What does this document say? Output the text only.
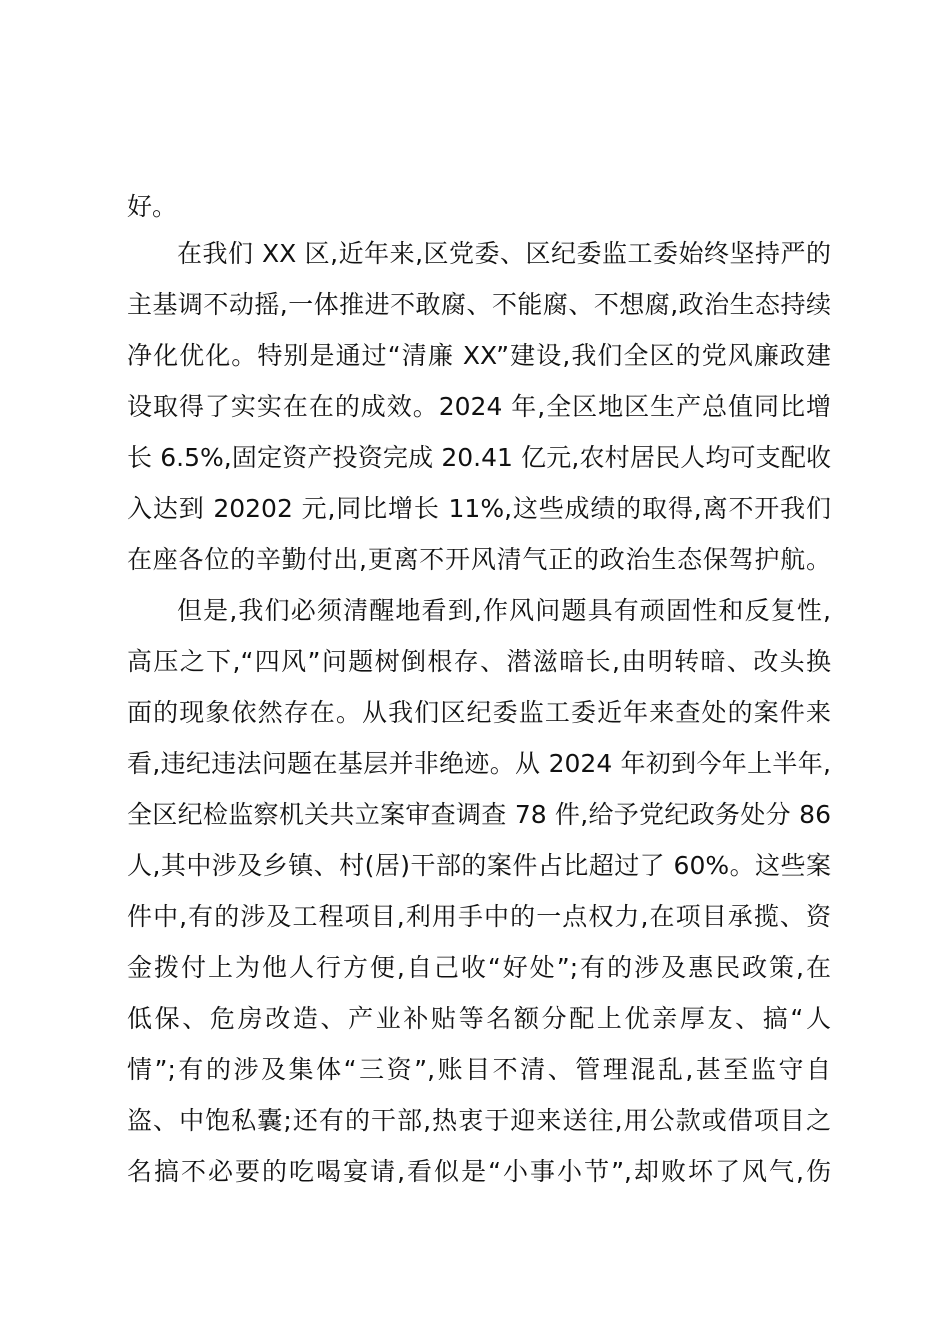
好。
在我们 XX 区,近年来,区党委、区纪委监工委始终坚持严的
主基调不动摇,一体推进不敢腐、不能腐、不想腐,政治生态持续
净化优化。特别是通过“清廉 XX”建设,我们全区的党风廉政建
设取得了实实在在的成效。2024 年,全区地区生产总值同比增
长 6.5%,固定资产投资完成 20.41 亿元,农村居民人均可支配收
入达到 20202 元,同比增长 11%,这些成绩的取得,离不开我们
在座各位的辛勤付出,更离不开风清气正的政治生态保驾护航。
但是,我们必须清醒地看到,作风问题具有顽固性和反复性,
高压之下,“四风”问题树倒根存、潜滋暗长,由明转暗、改头换
面的现象依然存在。从我们区纪委监工委近年来查处的案件来
看,违纪违法问题在基层并非绝迹。从 2024 年初到今年上半年,
全区纪检监察机关共立案审查调查 78 件,给予党纪政务处分 86
人,其中涉及乡镇、村(居)干部的案件占比超过了 60%。这些案
件中,有的涉及工程项目,利用手中的一点权力,在项目承揽、资
金拨付上为他人行方便,自己收“好处”;有的涉及惠民政策,在
低保、危房改造、产业补贴等名额分配上优亲厚友、搞“人
情”;有的涉及集体“三资”,账目不清、管理混乱,甚至监守自
盗、中饱私囊;还有的干部,热衷于迎来送往,用公款或借项目之
名搞不必要的吃喝宴请,看似是“小事小节”,却败坏了风气,伤
